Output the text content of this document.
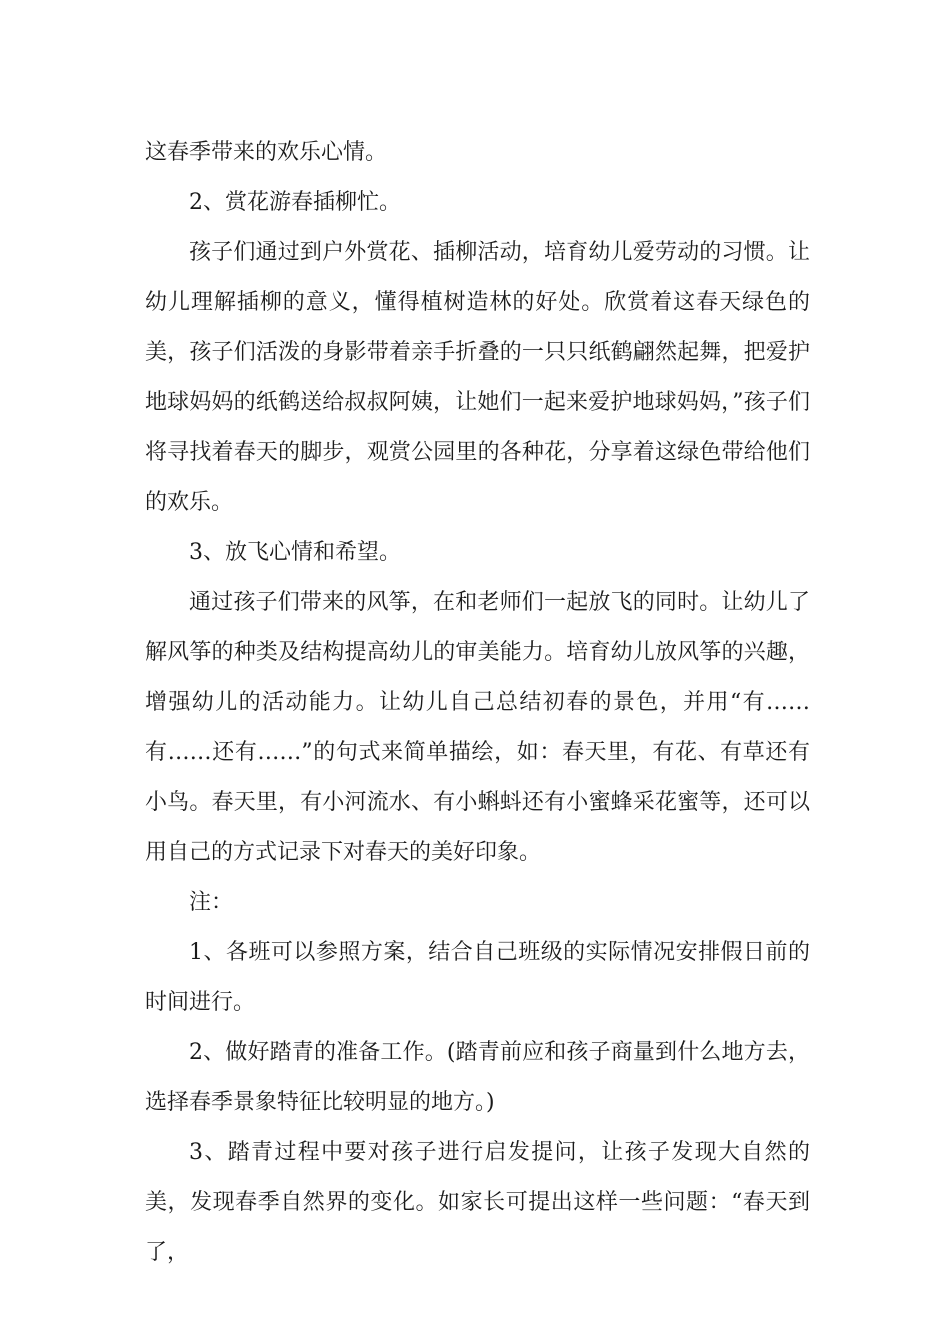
这春季带来的欢乐心情。

2、赏花游春插柳忙。

孩子们通过到户外赏花、插柳活动，培育幼儿爱劳动的习惯。让幼儿理解插柳的意义，懂得植树造林的好处。欣赏着这春天绿色的美，孩子们活泼的身影带着亲手折叠的一只只纸鹤翩然起舞，把爱护地球妈妈的纸鹤送给叔叔阿姨，让她们一起来爱护地球妈妈，”孩子们将寻找着春天的脚步，观赏公园里的各种花，分享着这绿色带给他们的欢乐。

3、放飞心情和希望。

通过孩子们带来的风筝，在和老师们一起放飞的同时。让幼儿了解风筝的种类及结构提高幼儿的审美能力。培育幼儿放风筝的兴趣，增强幼儿的活动能力。让幼儿自己总结初春的景色，并用“有……有……还有……”的句式来简单描绘，如：春天里，有花、有草还有小鸟。春天里，有小河流水、有小蝌蚪还有小蜜蜂采花蜜等，还可以用自己的方式记录下对春天的美好印象。

注：

1、各班可以参照方案，结合自己班级的实际情况安排假日前的时间进行。

2、做好踏青的准备工作。(踏青前应和孩子商量到什么地方去，选择春季景象特征比较明显的地方。)

3、踏青过程中要对孩子进行启发提问，让孩子发现大自然的美，发现春季自然界的变化。如家长可提出这样一些问题：“春天到了，
